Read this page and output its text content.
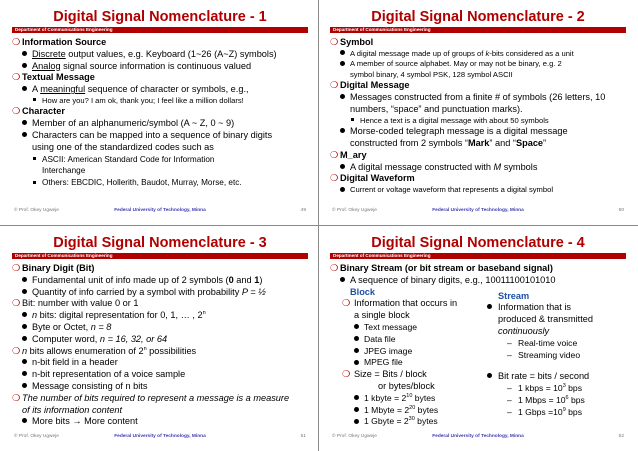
Digital Signal Nomenclature - 1
Department of Communications Engineering
❍ Information Source
Discrete output values, e.g. Keyboard (1~26 (A~Z) symbols)
Analog signal source information is continuous valued
❍ Textual Message
A meaningful sequence of character or symbols, e.g.,
How are you? I am ok, thank you; I feel like a million dollars!
❍ Character
Member of an alphanumeric/symbol (A ~ Z, 0 ~ 9)
Characters can be mapped into a sequence of binary digits
using one of the standardized codes such as
ASCII: American Standard Code for Information
Interchange
Others: EBCDIC, Hollerith, Baudot, Murray, Morse, etc.
© Prof. Okey Ugweje	Federal University of Technology, Minna	49
Digital Signal Nomenclature - 2
Department of Communications Engineering
❍ Symbol
A digital message made up of groups of k-bits considered as a unit
A member of source alphabet. May or may not be binary, e.g. 2
symbol binary, 4 symbol PSK, 128 symbol ASCII
❍ Digital Message
Messages constructed from a finite # of symbols (26 letters, 10
numbers, “space” and punctuation marks).
Hence a text is a digital message with about 50 symbols
Morse-coded telegraph message is a digital message
constructed from 2 symbols “Mark” and “Space”
❍ M_ary
A digital message constructed with M symbols
❍ Digital Waveform
Current or voltage waveform that represents a digital symbol
© Prof. Okey Ugweje	Federal University of Technology, Minna	50
Digital Signal Nomenclature - 3
Department of Communications Engineering
❍ Binary Digit (Bit)
Fundamental unit of info made up of 2 symbols (0 and 1)
Quantity of info carried by a symbol with probability P = ½
❍ Bit: number with value 0 or 1
n bits: digital representation for 0, 1, … , 2$^n$
Byte or Octet, n = 8
Computer word, n = 16, 32, or 64
❍ n bits allows enumeration of 2$^n$ possibilities
n-bit field in a header
n-bit representation of a voice sample
Message consisting of n bits
❍ The number of bits required to represent a message is a measure
of its information content
More bits → More content
© Prof. Okey Ugweje	Federal University of Technology, Minna	51
Digital Signal Nomenclature - 4
Department of Communications Engineering
❍ Binary Stream (or bit stream or baseband signal)
A sequence of binary digits, e.g., 10011100101010
Block
❍ Information that occurs in
a single block
Text message
Data file
JPEG image
MPEG file
❍ Size = Bits / block
or bytes/block
1 kbyte = $2^{10}$ bytes
1 Mbyte = $2^{20}$ bytes
1 Gbyte = $2^{30}$ bytes
Stream
Information that is
produced & transmitted
continuously
– Real-time voice
– Streaming video
Bit rate = bits / second
– 1 kbps = $10^3$ bps
– 1 Mbps = $10^6$ bps
– 1 Gbps $=10^9$ bps
© Prof. Okey Ugweje	Federal University of Technology, Minna	52
